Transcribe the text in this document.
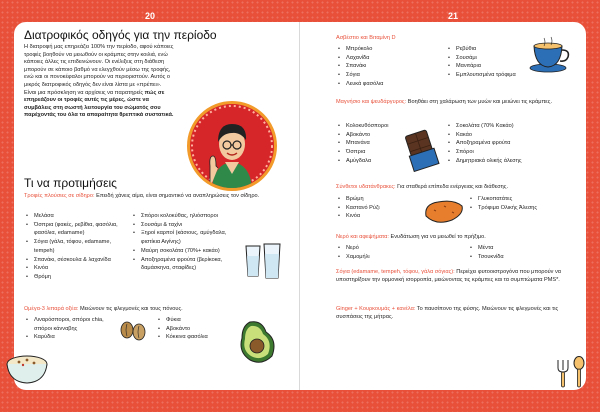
20	21
Διατροφικός οδηγός για την περίοδο

Η διατροφή μας επηρεάζει 100% την περίοδο, αφού κάποιες τροφές βοηθούν να μειωθούν οι κράμπες στην κοιλιά, ενώ κάποιες άλλες τις επιδεινώνουν. Οι ενέλιξεις στη διάθεση μπορούν σε κάποιο βαθμό να ελεγχθούν μέσω της τροφής, ενώ και οι πονοκέφαλοι μπορούν να περιοριστούν. Αυτός ο μικρός διατροφικός οδηγός δεν είναι λίστα με «πρέπει».

Είναι μια πρόσκληση να αρχίσεις να παρατηρείς πώς σε επηρεάζουν οι τροφές αυτές τις μέρες, ώστε να συμβάλεις στη σωστή λειτουργία του σώματός σου παρέχοντάς του όλα τα απαραίτητα θρεπτικά συστατικά.

Τι να προτιμήσεις
Τροφές πλούσιες σε σίδηρο: Επειδή χάνεις αίμα, είναι σημαντικό να αναπληρώσεις τον σίδηρο.
• Μελάσα
• Όσπρια (φακές, ρεβίθια, φασόλια, φασόλια, edamame)
• Σόγια (γάλα, τόφου, edamame, tempeh)
• Σπανάκι, σέσκουλα & λαχανίδα
• Κινόα
• Θρόμη
• Σπόροι κολοκύθας, ηλιόσποροι
• Σουσάμι & ταχίνι
• Ξηροί καρποί (κάσιους, αμύγδαλα, φιστίκια Αιγίνης)
• Μαύρη σοκολάτα (70%+ κακάο)
• Αποξηραμένα φρούτα (βερίκοκα, δαμάσκηνα, σταφίδες)
Ωμέγα-3 λιπαρά οξέα: Μειώνουν τις φλεγμονές και τους πόνους.
• Λιναρόσποροι, σπόροι chia, σπόροι κάνναβης
• Καρύδια
• Φύκια
• Αβοκάντο
• Κόκκινα φασόλια
Ασβέστιο και Βιταμίνη D
• Μπρόκολο
• Λαχανίδα
• Σπανάκι
• Σόγια
• Λευκά φασόλια
• Ρεβύθια
• Σουσάμι
• Μανιτάρια
• Εμπλουτισμένα τρόφιμα
Μαγνήσιο και ψευδάργυρος: Βοηθάει στη χαλάρωση των μυών και μειώνει τις κράμπες.
• Κολοκυθόσποροι
• Αβοκάντο
• Μπανάνα
• Όσπρια
• Αμύγδαλα
• Σοκολάτα (70% Κακάο)
• Κακάο
• Αποξηραμένα φρούτα
• Σπόροι
• Δημητριακά ολικής άλεσης
Σύνθετοι υδατάνθρακες: Για σταθερά επίπεδα ενέργειας και διάθεσης.
• Βρώμη
• Καστανό Ρύζι
• Κινόα
• Γλυκοπατάτες
• Τρόφιμα Ολικής Άλεσης
Νερό και αφεψήματα: Ενυδάτωση για να μειωθεί το πρήξιμο.
• Νερό
• Χαμομήλι
• Μέντα
• Τσουκνίδα
Σόγια (edamame, tempeh, τόφου, γάλα σόγιας): Περιέχει φυτοοιστρογόνα που μπορούν να υποστηρίξουν την ορμονική ισορροπία, μειώνοντας τις κράμπες και τα συμπτώματα PMS*.
Ginger + Κουρκουμάς + κανέλα: Το παυσίπονο της φύσης. Μειώνουν τις φλεγμονές και τις συσπάσεις της μήτρας.
